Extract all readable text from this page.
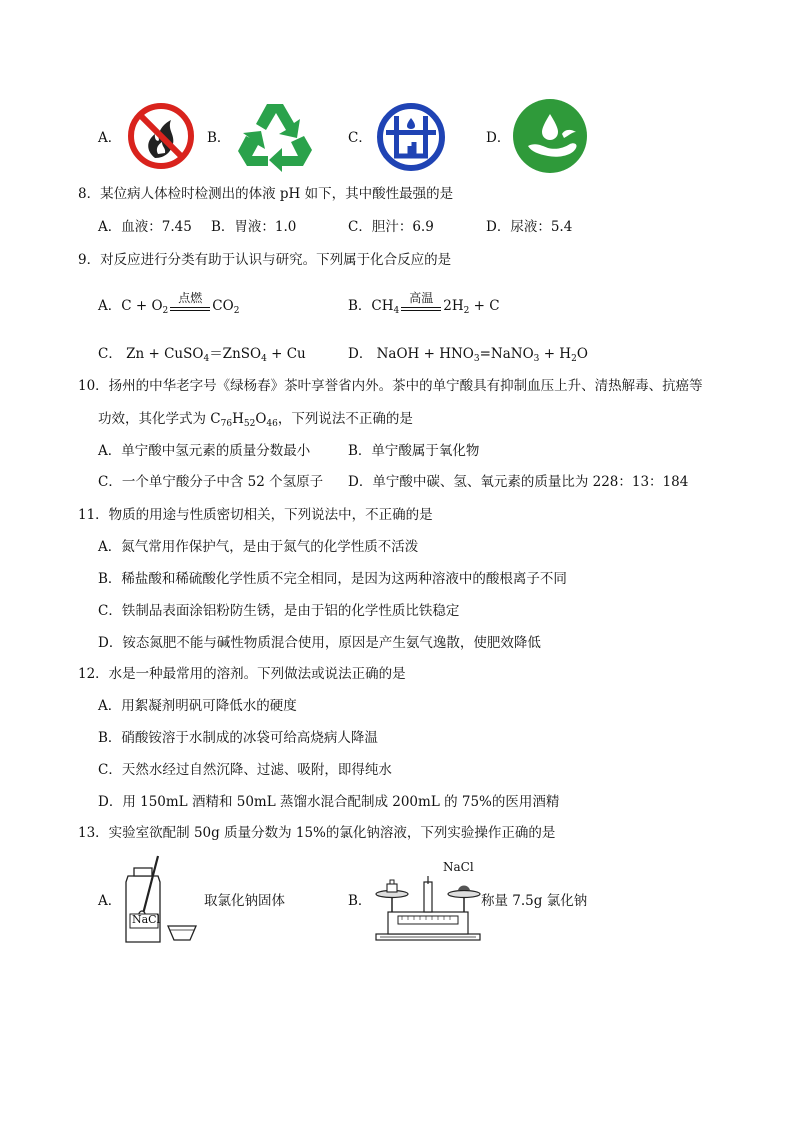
A．	B．	C．	D．
8．某位病人体检时检测出的体液 pH 如下，其中酸性最强的是
A．血液：7.45 B．胃液：1.0	C．胆汁：6.9	D．尿液：5.4
9．对反应进行分类有助于认识与研究。下列属于化合反应的是
A．$C + O_2$
点燃 $CO_2$	B．$CH_4$
高温 $2H_2 + C$
C． Zn + CuSO$_4$＝ZnSO$_4$ + Cu	D． NaOH + $HNO_3=NaNO_3 + H_2O$
10．扬州的中华老字号《绿杨春》茶叶享誉省内外。茶中的单宁酸具有抑制血压上升、清热解毒、抗癌等
功效，其化学式为 $C_{76}H_{52}O_{46}$，下列说法不正确的是
A．单宁酸中氢元素的质量分数最小	B．单宁酸属于氧化物
C．一个单宁酸分子中含 52 个氢原子 D．单宁酸中碳、氢、氧元素的质量比为 228：13：184
11．物质的用途与性质密切相关，下列说法中，不正确的是
A．氮气常用作保护气，是由于氮气的化学性质不活泼
B．稀盐酸和稀硫酸化学性质不完全相同，是因为这两种溶液中的酸根离子不同
C．铁制品表面涂铝粉防生锈，是由于铝的化学性质比铁稳定
D．铵态氮肥不能与碱性物质混合使用，原因是产生氨气逸散，使肥效降低
12．水是一种最常用的溶剂。下列做法或说法正确的是
A．用絮凝剂明矾可降低水的硬度
B．硝酸铵溶于水制成的冰袋可给高烧病人降温
C．天然水经过自然沉降、过滤、吸附，即得纯水
D．用 150mL 酒精和 50mL 蒸馏水混合配制成 200mL 的 75%的医用酒精
13．实验室欲配制 50g 质量分数为 15%的氯化钠溶液，下列实验操作正确的是
A．
NaCl
取氯化钠固体	B．
NaCl
称量 7.5g 氯化钠
